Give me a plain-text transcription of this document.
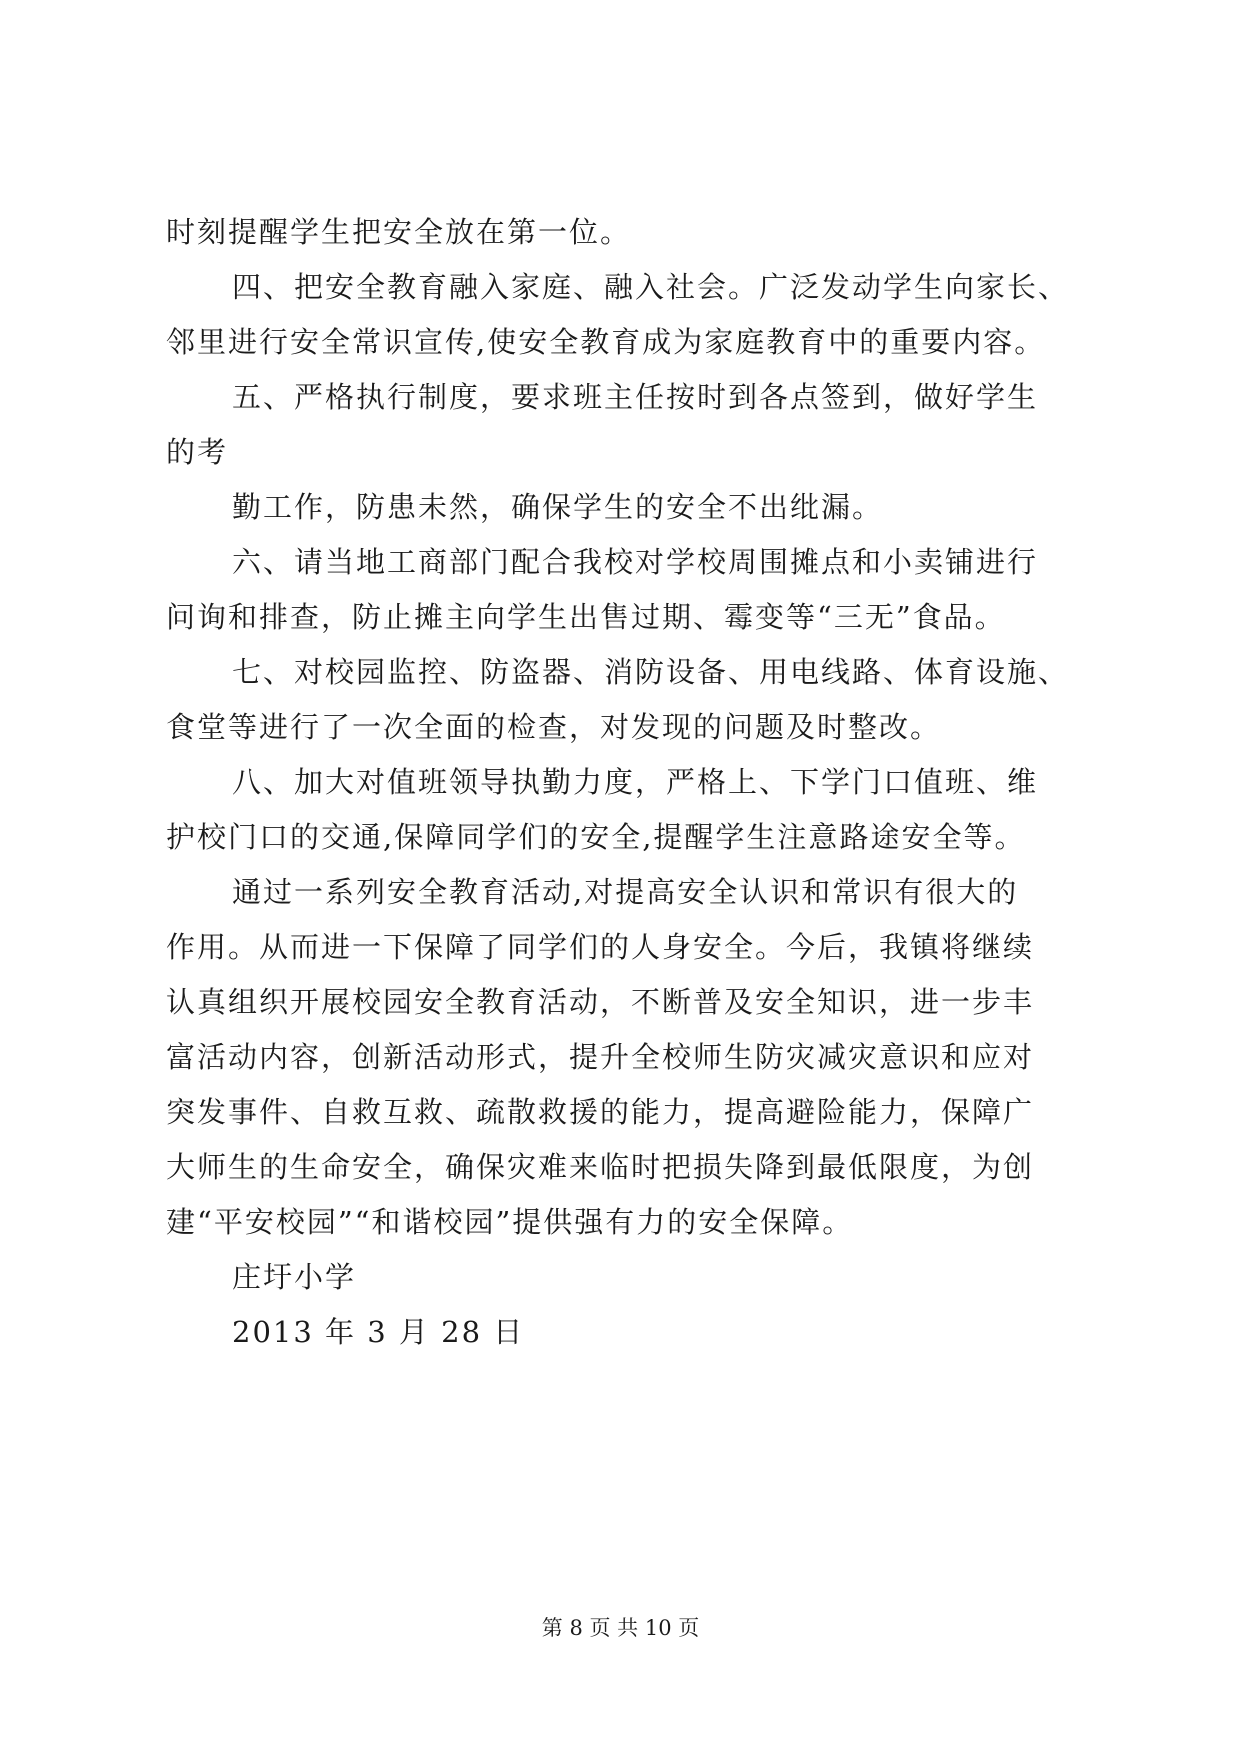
时刻提醒学生把安全放在第一位。
四、把安全教育融入家庭、融入社会。广泛发动学生向家长、
邻里进行安全常识宣传,使安全教育成为家庭教育中的重要内容。
五、严格执行制度，要求班主任按时到各点签到，做好学生
的考
勤工作，防患未然，确保学生的安全不出纰漏。
六、请当地工商部门配合我校对学校周围摊点和小卖铺进行
问询和排查，防止摊主向学生出售过期、霉变等“三无”食品。
七、对校园监控、防盗器、消防设备、用电线路、体育设施、
食堂等进行了一次全面的检查，对发现的问题及时整改。
八、加大对值班领导执勤力度，严格上、下学门口值班、维
护校门口的交通,保障同学们的安全,提醒学生注意路途安全等。
通过一系列安全教育活动,对提高安全认识和常识有很大的
作用。从而进一下保障了同学们的人身安全。今后，我镇将继续
认真组织开展校园安全教育活动，不断普及安全知识，进一步丰
富活动内容，创新活动形式，提升全校师生防灾减灾意识和应对
突发事件、自救互救、疏散救援的能力，提高避险能力，保障广
大师生的生命安全，确保灾难来临时把损失降到最低限度，为创
建“平安校园”“和谐校园”提供强有力的安全保障。
庄圩小学
2013 年 3 月 28 日
第 8 页 共 10 页
